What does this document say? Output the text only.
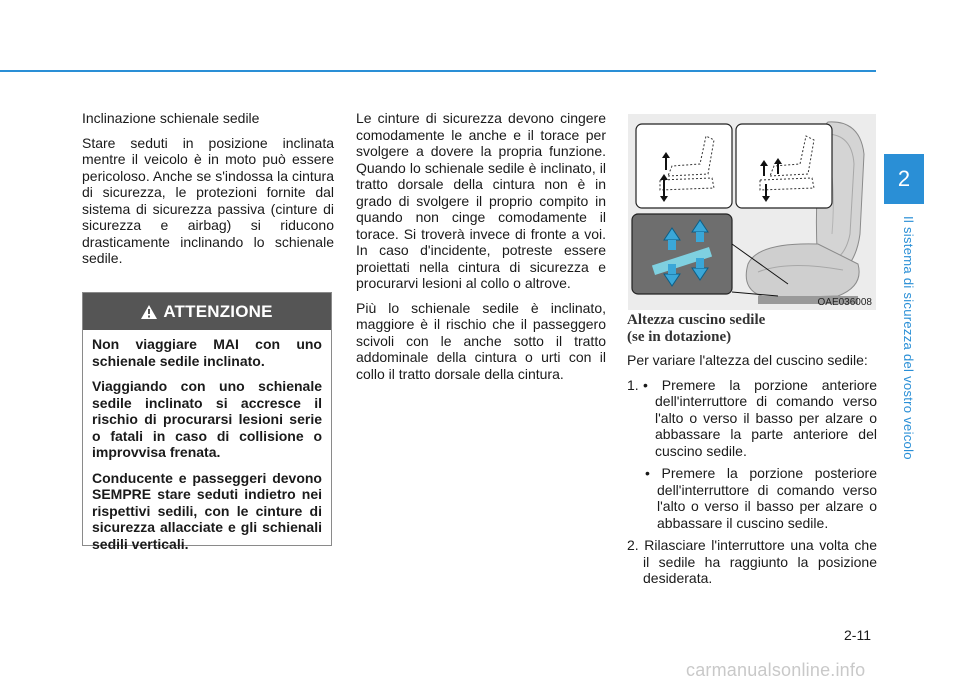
2
Il sistema di sicurezza del vostro veicolo

Inclinazione schienale sedile

Stare seduti in posizione inclinata mentre il veicolo è in moto può essere pericoloso. Anche se s'indossa la cintura di sicurezza, le protezioni fornite dal sistema di sicurezza passiva (cinture di sicurezza e airbag) si riducono drasticamente inclinando lo schienale sedile.

ATTENZIONE

Non viaggiare MAI con uno schienale sedile inclinato.

Viaggiando con uno schienale sedile inclinato si accresce il rischio di procurarsi lesioni serie o fatali in caso di collisione o improvvisa frenata.

Conducente e passeggeri devono SEMPRE stare seduti indietro nei rispettivi sedili, con le cinture di sicurezza allacciate e gli schienali sedili verticali.

Le cinture di sicurezza devono cingere comodamente le anche e il torace per svolgere a dovere la propria funzione. Quando lo schienale sedile è inclinato, il tratto dorsale della cintura non è in grado di svolgere il proprio compito in quando non cinge comodamente il torace. Si troverà invece di fronte a voi. In caso d'incidente, potreste essere proiettati nella cintura di sicurezza e procurarvi lesioni al collo o altrove.

Più lo schienale sedile è inclinato, maggiore è il rischio che il passeggero scivoli con le anche sotto il tratto addominale della cintura o urti con il collo il tratto dorsale della cintura.

OAE036008
Altezza cuscino sedile
(se in dotazione)

Per variare l'altezza del cuscino sedile:

1. • Premere la porzione anteriore dell'interruttore di comando verso l'alto o verso il basso per alzare o abbassare la parte anteriore del cuscino sedile.
• Premere la porzione posteriore dell'interruttore di comando verso l'alto o verso il basso per alzare o abbassare il cuscino sedile.
2. Rilasciare l'interruttore una volta che il sedile ha raggiunto la posizione desiderata.
2-11
carmanualsonline.info
